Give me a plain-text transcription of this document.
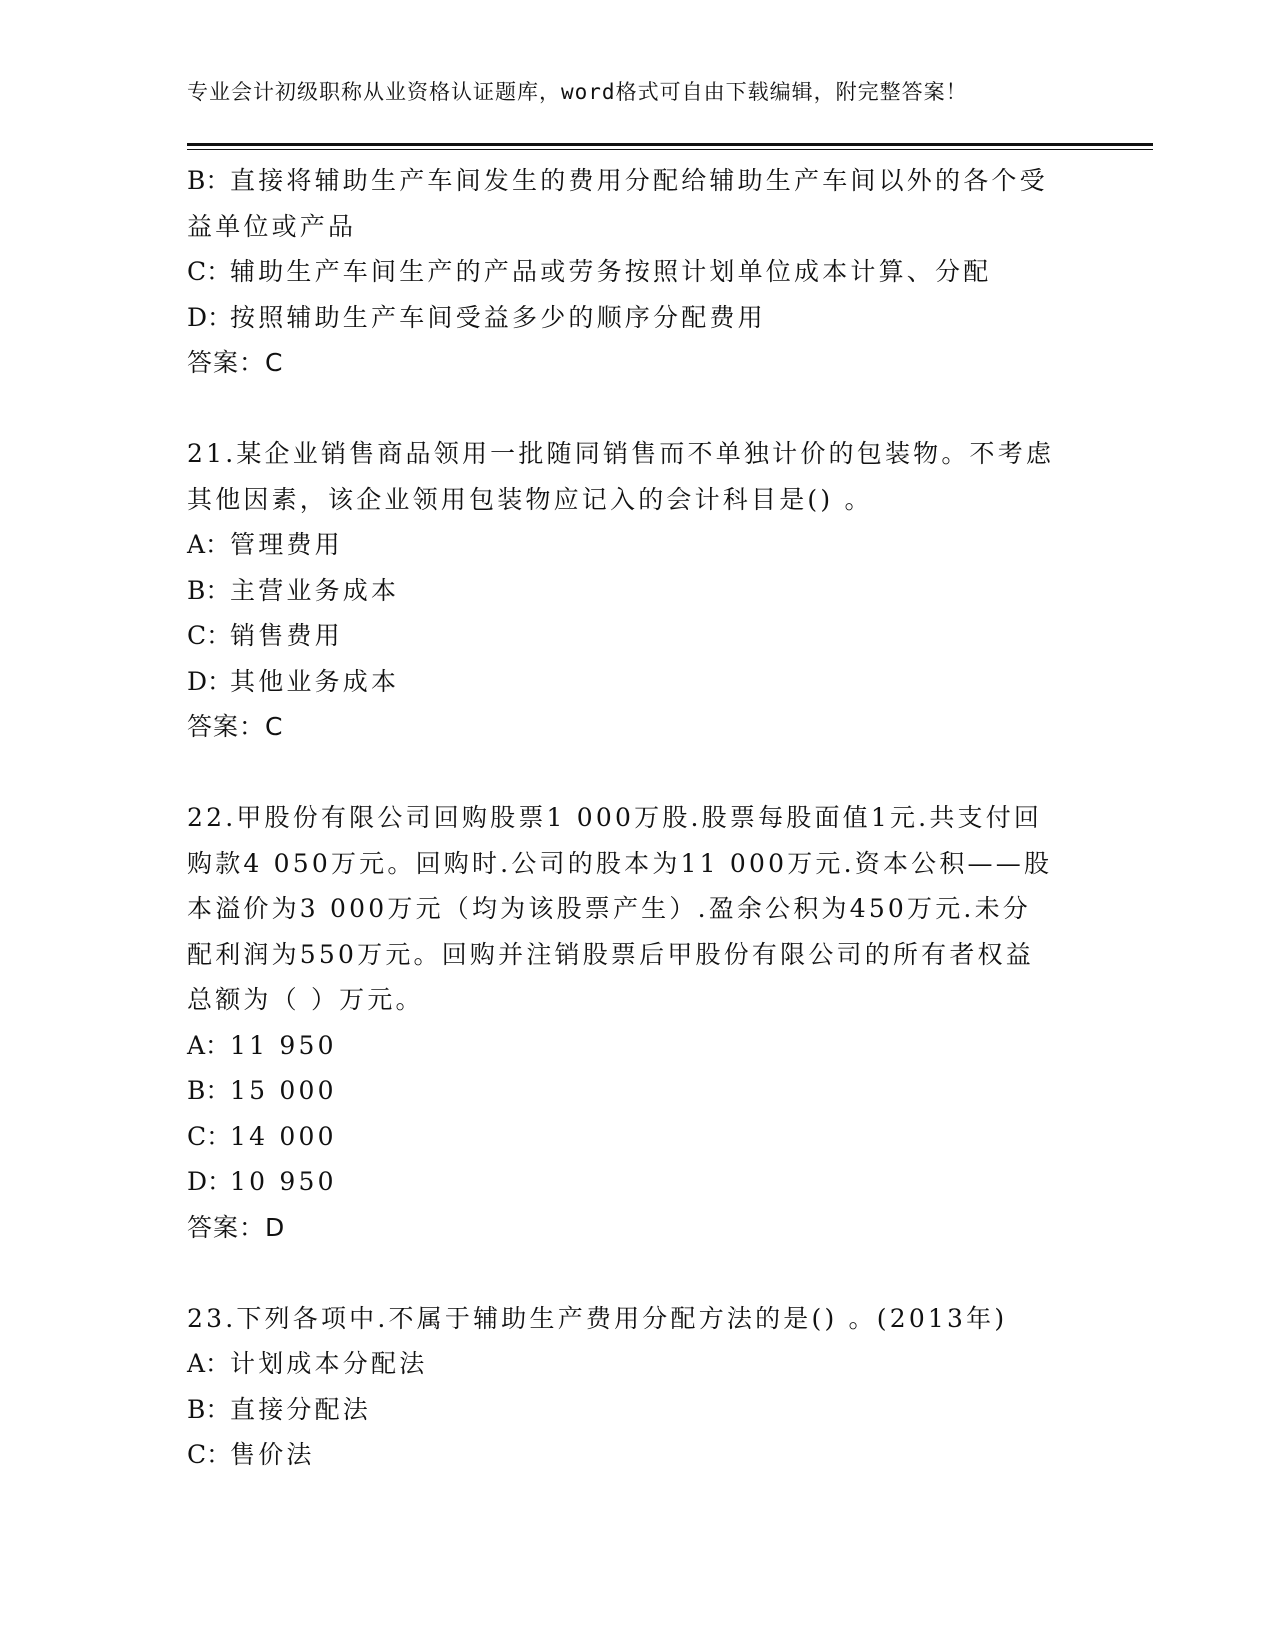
专业会计初级职称从业资格认证题库，word格式可自由下载编辑，附完整答案！
B： 直接将辅助生产车间发生的费用分配给辅助生产车间以外的各个受
益单位或产品
C：
辅助生产车间生产的产品或劳务按照计划单位成本计算、分配
D：
按照辅助生产车间受益多少的顺序分配费用
答案：C
21.某企业销售商品领用一批随同销售而不单独计价的包装物。不考虑
其他因素，该企业领用包装物应记入的会计科目是() 。
A： 管理费用
B： 主营业务成本
C：
销售费用
D：
其他业务成本
答案：C
22.甲股份有限公司回购股票1 000万股.股票每股面值1元.共支付回
购款4 050万元。回购时.公司的股本为11 000万元.资本公积——股
本溢价为3 000万元（均为该股票产生）.盈余公积为450万元.未分
配利润为550万元。回购并注销股票后甲股份有限公司的所有者权益
总额为（ ）万元。
A： 11 950
B： 15 000
C：
14 000
D：
10 950
答案：D
23.下列各项中.不属于辅助生产费用分配方法的是() 。(2013年)
A： 计划成本分配法
B： 直接分配法
C：
售价法
